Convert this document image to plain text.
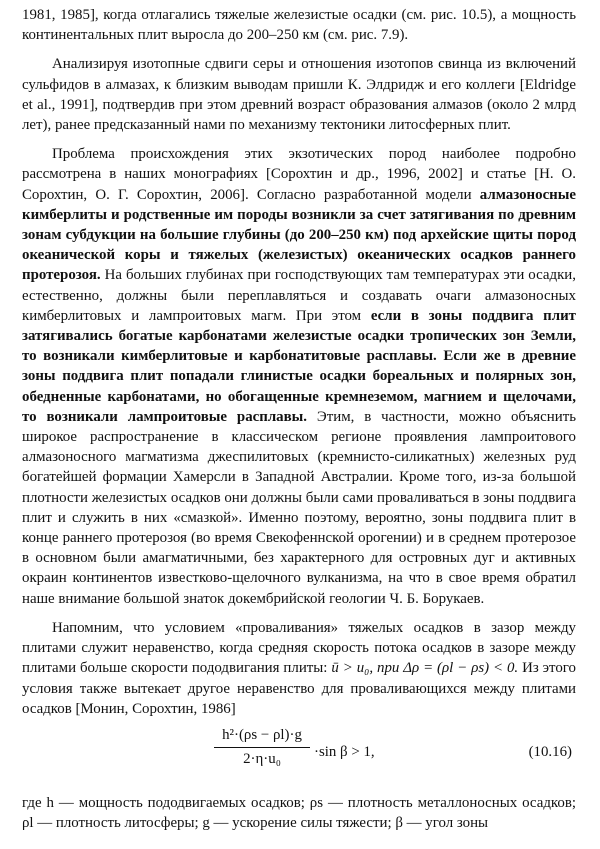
1981, 1985], когда отлагались тяжелые железистые осадки (см. рис. 10.5), а мощность континентальных плит выросла до 200–250 км (см. рис. 7.9).

Анализируя изотопные сдвиги серы и отношения изотопов свинца из включений сульфидов в алмазах, к близким выводам пришли К. Элдридж и его коллеги [Eldridge et al., 1991], подтвердив при этом древний возраст образования алмазов (около 2 млрд лет), ранее предсказанный нами по механизму тектоники литосферных плит.

Проблема происхождения этих экзотических пород наиболее подробно рассмотрена в наших монографиях [Сорохтин и др., 1996, 2002] и статье [Н. О. Сорохтин, О. Г. Сорохтин, 2006]. Согласно разработанной модели алмазоносные кимберлиты и родственные им породы возникли за счет затягивания по древним зонам субдукции на большие глубины (до 200–250 км) под архейские щиты пород океанической коры и тяжелых (железистых) океанических осадков раннего протерозоя. На больших глубинах при господствующих там температурах эти осадки, естественно, должны были переплавляться и создавать очаги алмазоносных кимберлитовых и лампроитовых магм. При этом если в зоны поддвига плит затягивались богатые карбонатами железистые осадки тропических зон Земли, то возникали кимберлитовые и карбонатитовые расплавы. Если же в древние зоны поддвига плит попадали глинистые осадки бореальных и полярных зон, обедненные карбонатами, но обогащенные кремнеземом, магнием и щелочами, то возникали лампроитовые расплавы. Этим, в частности, можно объяснить широкое распространение в классическом регионе проявления лампроитового алмазоносного магматизма джеспилитовых (кремнисто-силикатных) железных руд богатейшей формации Хамерсли в Западной Австралии. Кроме того, из-за большой плотности железистых осадков они должны были сами проваливаться в зоны поддвига плит и служить в них «смазкой». Именно поэтому, вероятно, зоны поддвига плит в конце раннего протерозоя (во время Свекофеннской орогении) и в среднем протерозое в основном были амагматичными, без характерного для островных дуг и активных окраин континентов известково-щелочного вулканизма, на что в свое время обратил наше внимание большой знаток докембрийской геологии Ч. Б. Борукаев.

Напомним, что условием «проваливания» тяжелых осадков в зазор между плитами служит неравенство, когда средняя скорость потока осадков в зазоре между плитами больше скорости пододвигания плиты: ū > u₀, при Δρ = (ρl − ρs) < 0. Из этого условия также вытекает другое неравенство для проваливающихся между плитами осадков [Монин, Сорохтин, 1986]

$\frac{\text{h²·(ρs − ρl)·g}}{\text{2·η·u₀}} \cdot\sin$ β > 1,	(10.16)

где h — мощность пододвигаемых осадков; ρs — плотность металлоносных осадков; ρl — плотность литосферы; g — ускорение силы тяжести; β — угол зоны
